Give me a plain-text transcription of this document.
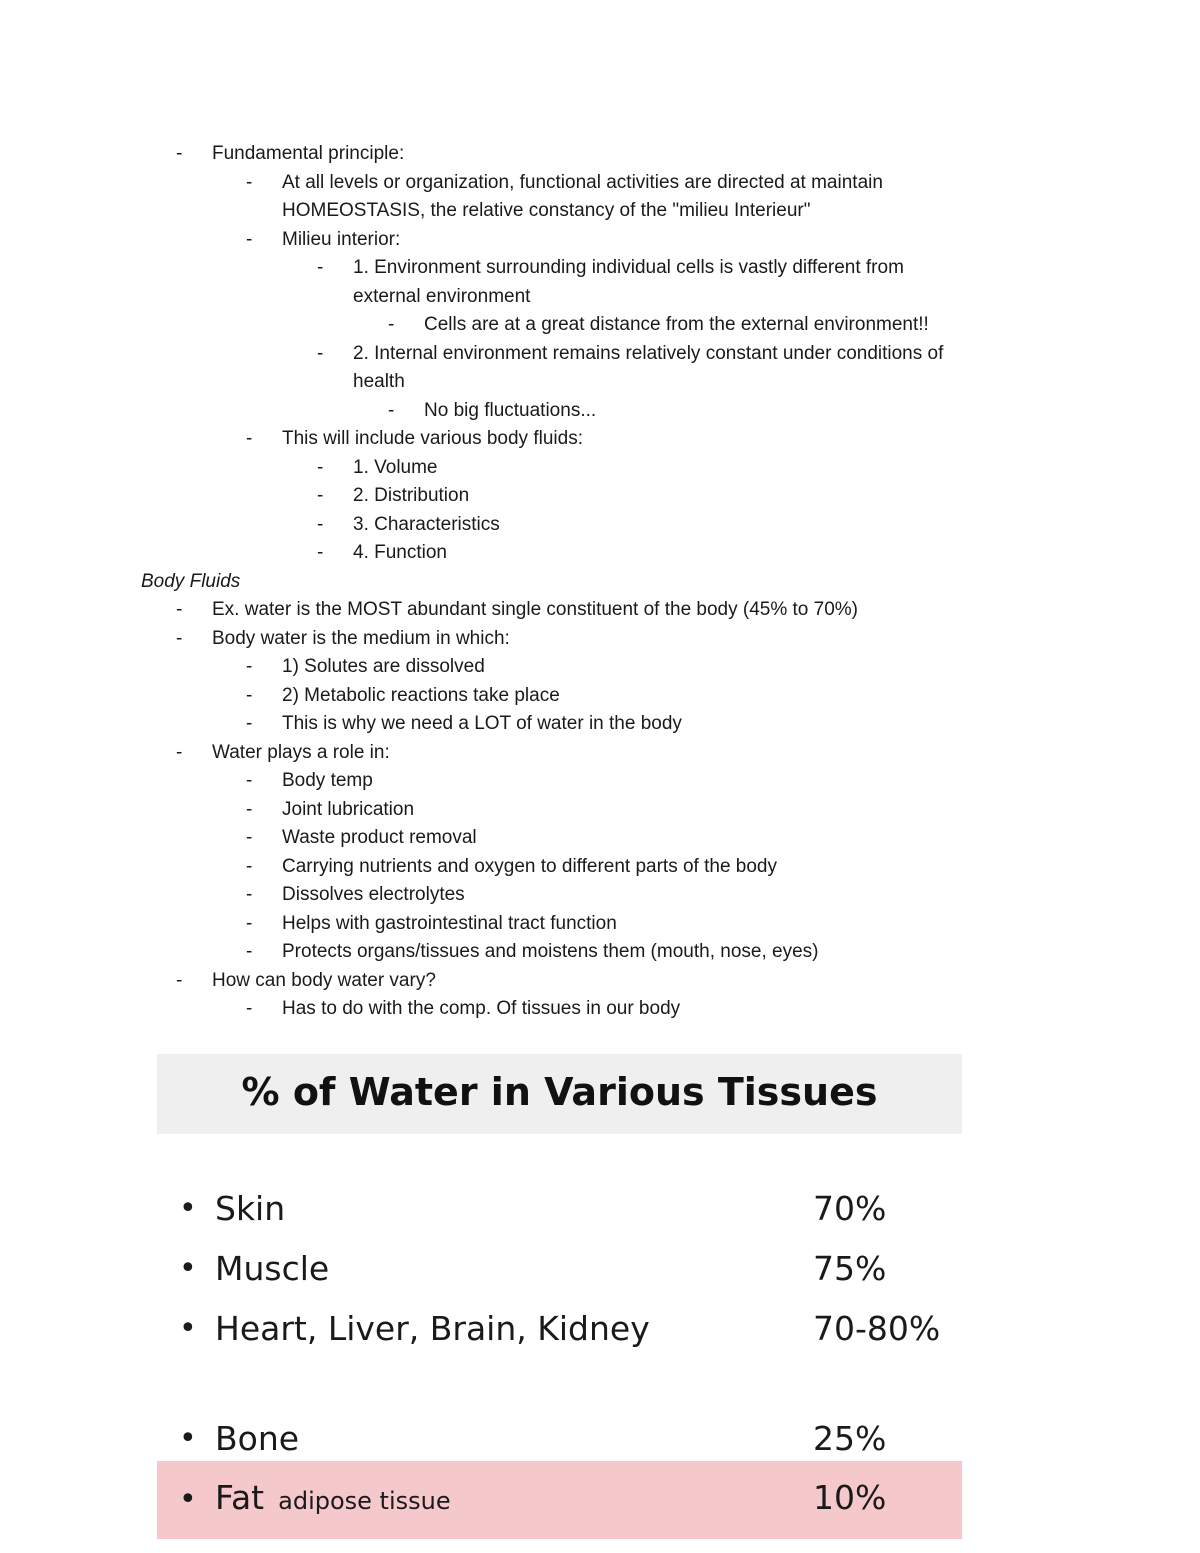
- Fundamental principle:
- At all levels or organization, functional activities are directed at maintain
HOMEOSTASIS, the relative constancy of the "milieu Interieur"
- Milieu interior:
- 1. Environment surrounding individual cells is vastly different from
external environment
- Cells are at a great distance from the external environment!!
- 2. Internal environment remains relatively constant under conditions of
health
- No big fluctuations...
- This will include various body fluids:
- 1. Volume
- 2. Distribution
- 3. Characteristics
- 4. Function
Body Fluids
- Ex. water is the MOST abundant single constituent of the body (45% to 70%)
- Body water is the medium in which:
- 1) Solutes are dissolved
- 2) Metabolic reactions take place
- This is why we need a LOT of water in the body
- Water plays a role in:
- Body temp
- Joint lubrication
- Waste product removal
- Carrying nutrients and oxygen to different parts of the body
- Dissolves electrolytes
- Helps with gastrointestinal tract function
- Protects organs/tissues and moistens them (mouth, nose, eyes)
- How can body water vary?
- Has to do with the comp. Of tissues in our body
% of Water in Various Tissues
• Skin	70%
• Muscle	75%
• Heart, Liver, Brain, Kidney	70-80%
• Bone	25%
• Fat adipose tissue	10%
